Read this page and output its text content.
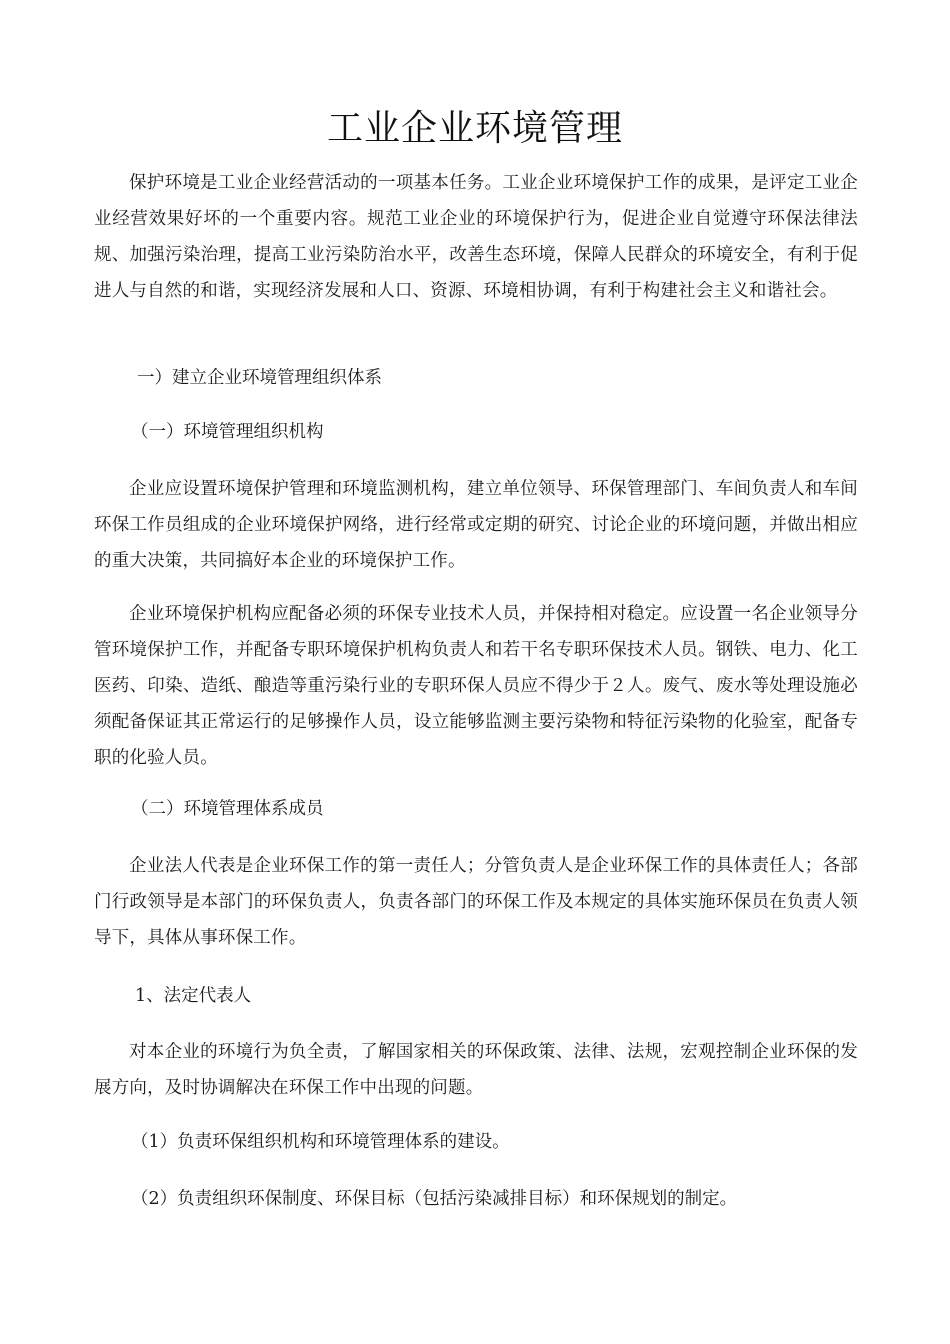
工业企业环境管理

保护环境是工业企业经营活动的一项基本任务。工业企业环境保护工作的成果，是评定工业企业经营效果好坏的一个重要内容。规范工业企业的环境保护行为，促进企业自觉遵守环保法律法规、加强污染治理，提高工业污染防治水平，改善生态环境，保障人民群众的环境安全，有利于促进人与自然的和谐，实现经济发展和人口、资源、环境相协调，有利于构建社会主义和谐社会。

一）建立企业环境管理组织体系

（一）环境管理组织机构

企业应设置环境保护管理和环境监测机构，建立单位领导、环保管理部门、车间负责人和车间环保工作员组成的企业环境保护网络，进行经常或定期的研究、讨论企业的环境问题，并做出相应的重大决策，共同搞好本企业的环境保护工作。

企业环境保护机构应配备必须的环保专业技术人员，并保持相对稳定。应设置一名企业领导分管环境保护工作，并配备专职环境保护机构负责人和若干名专职环保技术人员。钢铁、电力、化工医药、印染、造纸、酿造等重污染行业的专职环保人员应不得少于２人。废气、废水等处理设施必须配备保证其正常运行的足够操作人员，设立能够监测主要污染物和特征污染物的化验室，配备专职的化验人员。

（二）环境管理体系成员

企业法人代表是企业环保工作的第一责任人；分管负责人是企业环保工作的具体责任人；各部门行政领导是本部门的环保负责人，负责各部门的环保工作及本规定的具体实施环保员在负责人领导下，具体从事环保工作。

1、法定代表人

对本企业的环境行为负全责，了解国家相关的环保政策、法律、法规，宏观控制企业环保的发展方向，及时协调解决在环保工作中出现的问题。

（1）负责环保组织机构和环境管理体系的建设。

（2）负责组织环保制度、环保目标（包括污染减排目标）和环保规划的制定。
